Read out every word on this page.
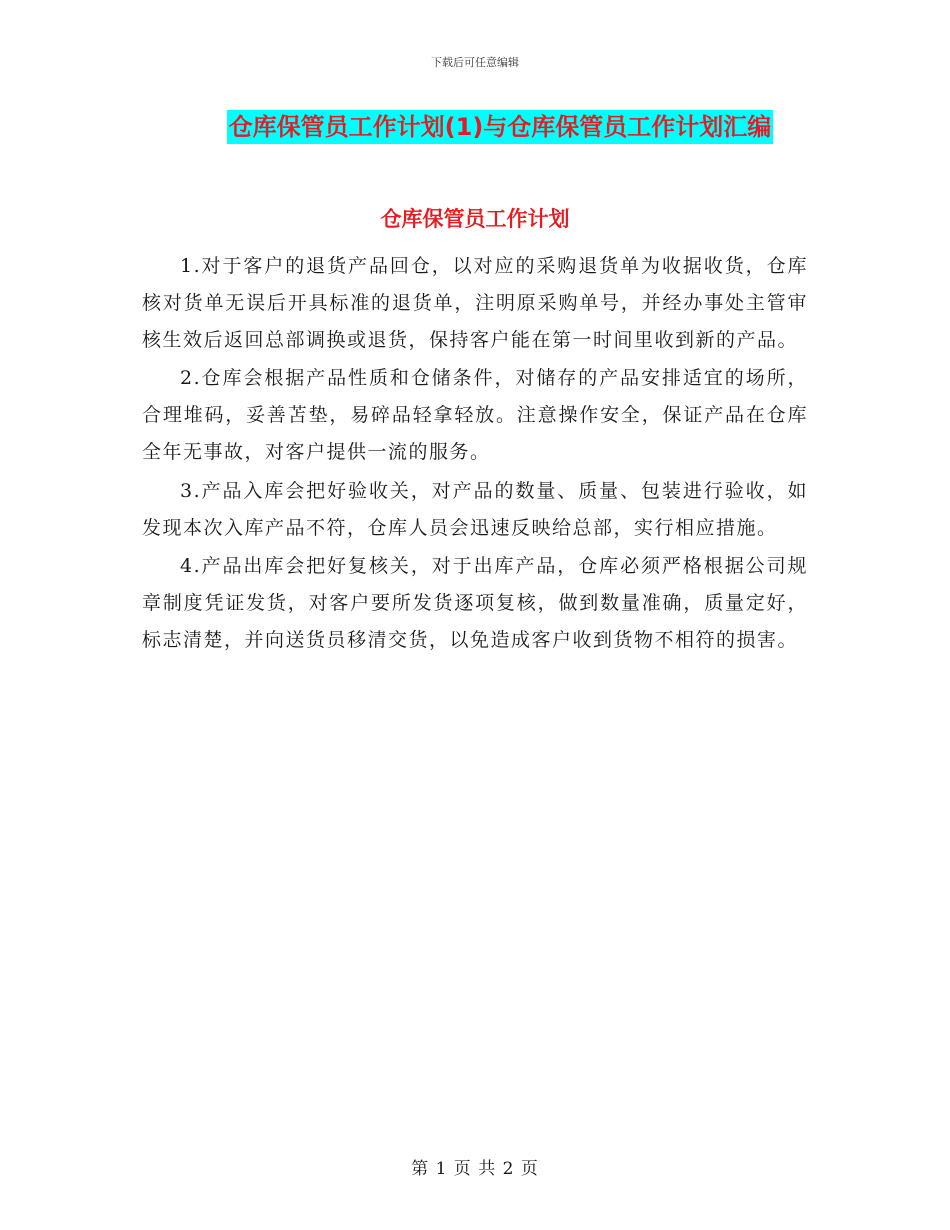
下载后可任意编辑
仓库保管员工作计划(1)与仓库保管员工作计划汇编
仓库保管员工作计划

1.对于客户的退货产品回仓，以对应的采购退货单为收据收货，仓库核对货单无误后开具标准的退货单，注明原采购单号，并经办事处主管审核生效后返回总部调换或退货，保持客户能在第一时间里收到新的产品。

2.仓库会根据产品性质和仓储条件，对储存的产品安排适宜的场所，合理堆码，妥善苫垫，易碎品轻拿轻放。注意操作安全，保证产品在仓库全年无事故，对客户提供一流的服务。

3.产品入库会把好验收关，对产品的数量、质量、包装进行验收，如发现本次入库产品不符，仓库人员会迅速反映给总部，实行相应措施。

4.产品出库会把好复核关，对于出库产品，仓库必须严格根据公司规章制度凭证发货，对客户要所发货逐项复核，做到数量准确，质量定好，标志清楚，并向送货员移清交货，以免造成客户收到货物不相符的损害。

第 1 页 共 2 页
